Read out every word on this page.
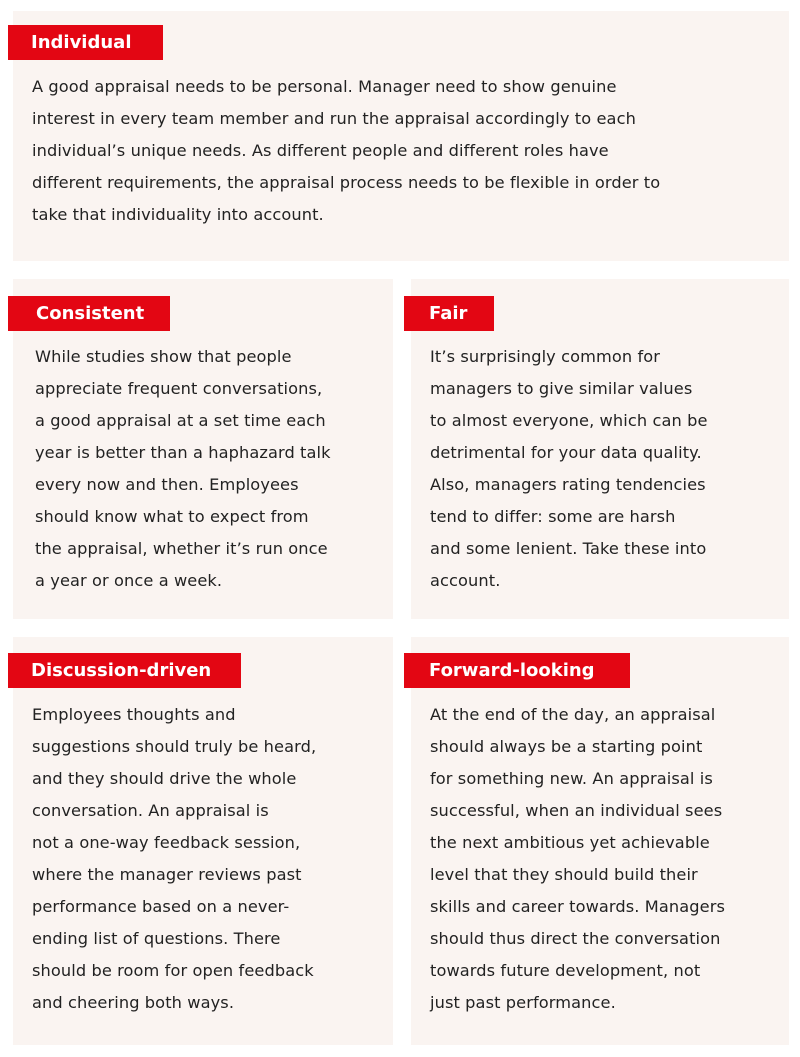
Individual
A good appraisal needs to be personal. Manager need to show genuine
interest in every team member and run the appraisal accordingly to each
individual’s unique needs. As different people and different roles have
different requirements, the appraisal process needs to be flexible in order to
take that individuality into account.
Consistent
While studies show that people
appreciate frequent conversations,
a good appraisal at a set time each
year is better than a haphazard talk
every now and then. Employees
should know what to expect from
the appraisal, whether it’s run once
a year or once a week.
Fair
It’s surprisingly common for
managers to give similar values
to almost everyone, which can be
detrimental for your data quality.
Also, managers rating tendencies
tend to differ: some are harsh
and some lenient. Take these into
account.
Discussion-driven
Employees thoughts and
suggestions should truly be heard,
and they should drive the whole
conversation. An appraisal is
not a one-way feedback session,
where the manager reviews past
performance based on a never-
ending list of questions. There
should be room for open feedback
and cheering both ways.
Forward-looking
At the end of the day, an appraisal
should always be a starting point
for something new. An appraisal is
successful, when an individual sees
the next ambitious yet achievable
level that they should build their
skills and career towards. Managers
should thus direct the conversation
towards future development, not
just past performance.
